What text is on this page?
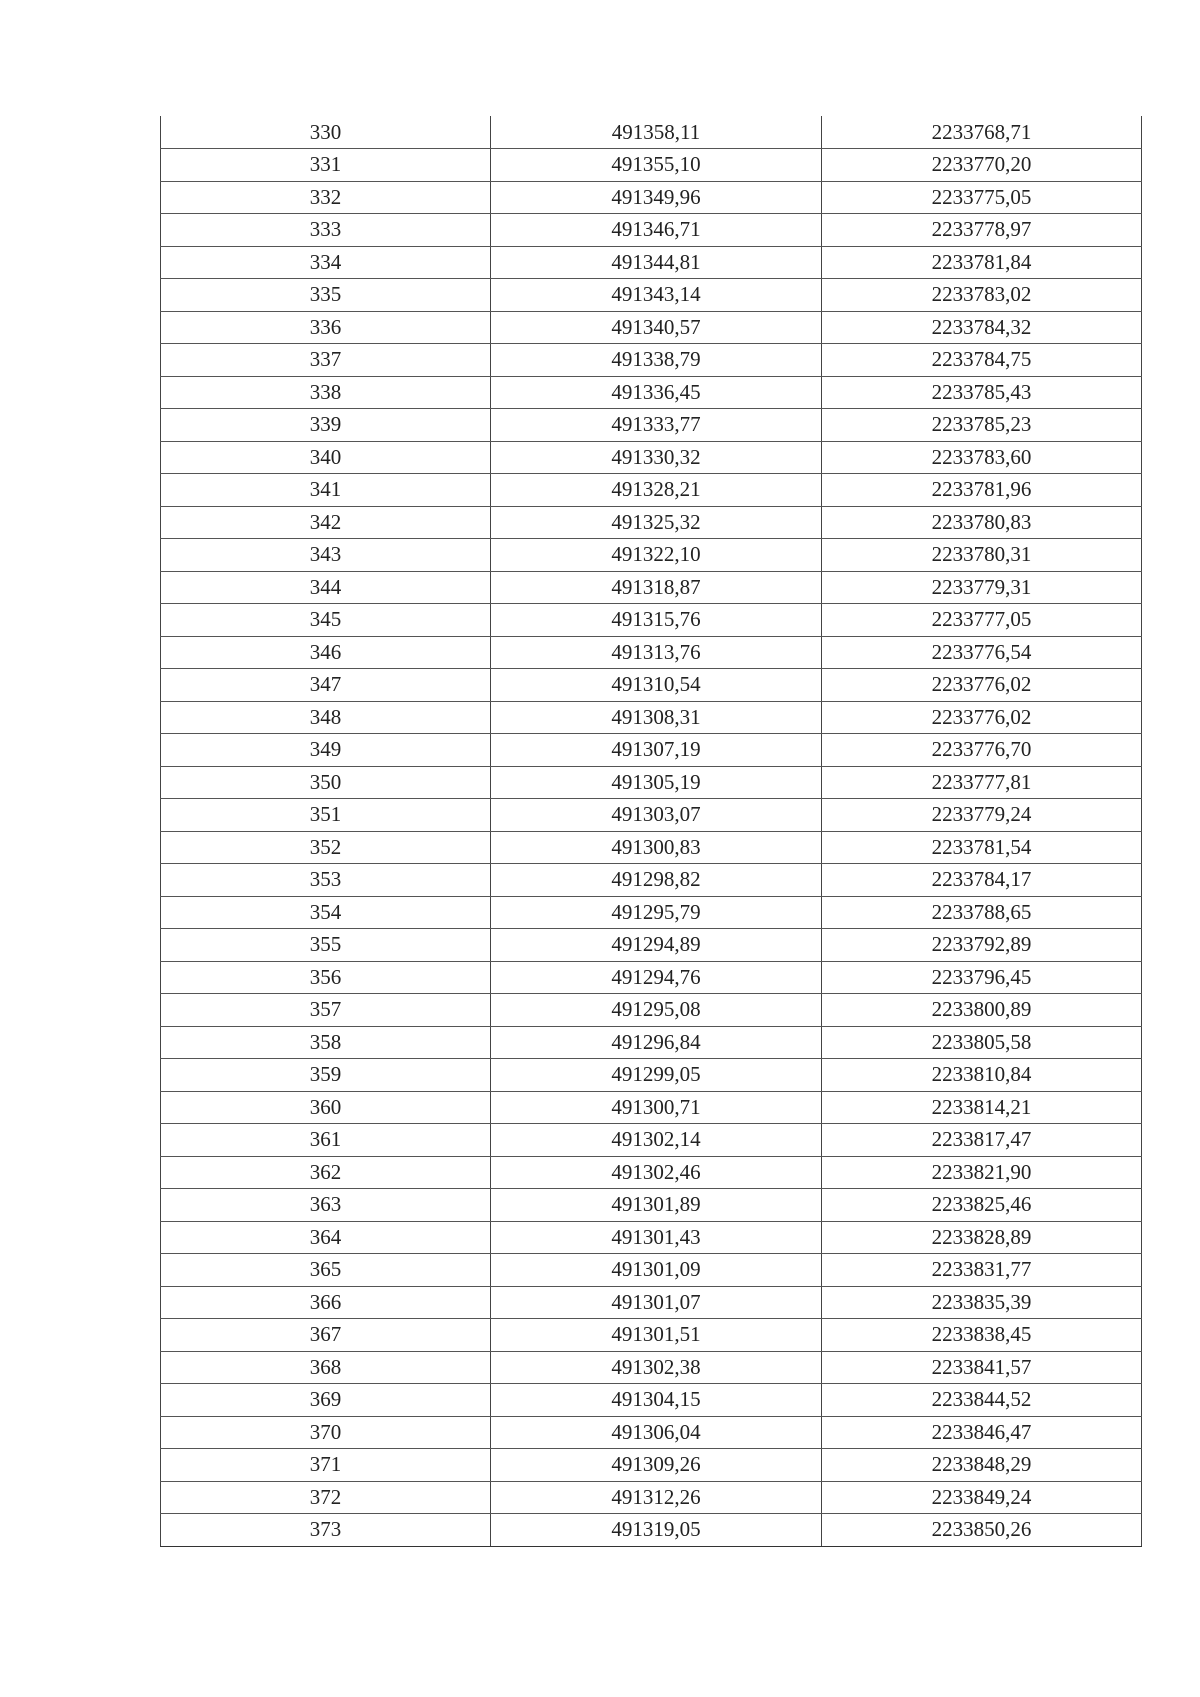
330	491358,11	2233768,71
331	491355,10	2233770,20
332	491349,96	2233775,05
333	491346,71	2233778,97
334	491344,81	2233781,84
335	491343,14	2233783,02
336	491340,57	2233784,32
337	491338,79	2233784,75
338	491336,45	2233785,43
339	491333,77	2233785,23
340	491330,32	2233783,60
341	491328,21	2233781,96
342	491325,32	2233780,83
343	491322,10	2233780,31
344	491318,87	2233779,31
345	491315,76	2233777,05
346	491313,76	2233776,54
347	491310,54	2233776,02
348	491308,31	2233776,02
349	491307,19	2233776,70
350	491305,19	2233777,81
351	491303,07	2233779,24
352	491300,83	2233781,54
353	491298,82	2233784,17
354	491295,79	2233788,65
355	491294,89	2233792,89
356	491294,76	2233796,45
357	491295,08	2233800,89
358	491296,84	2233805,58
359	491299,05	2233810,84
360	491300,71	2233814,21
361	491302,14	2233817,47
362	491302,46	2233821,90
363	491301,89	2233825,46
364	491301,43	2233828,89
365	491301,09	2233831,77
366	491301,07	2233835,39
367	491301,51	2233838,45
368	491302,38	2233841,57
369	491304,15	2233844,52
370	491306,04	2233846,47
371	491309,26	2233848,29
372	491312,26	2233849,24
373	491319,05	2233850,26
